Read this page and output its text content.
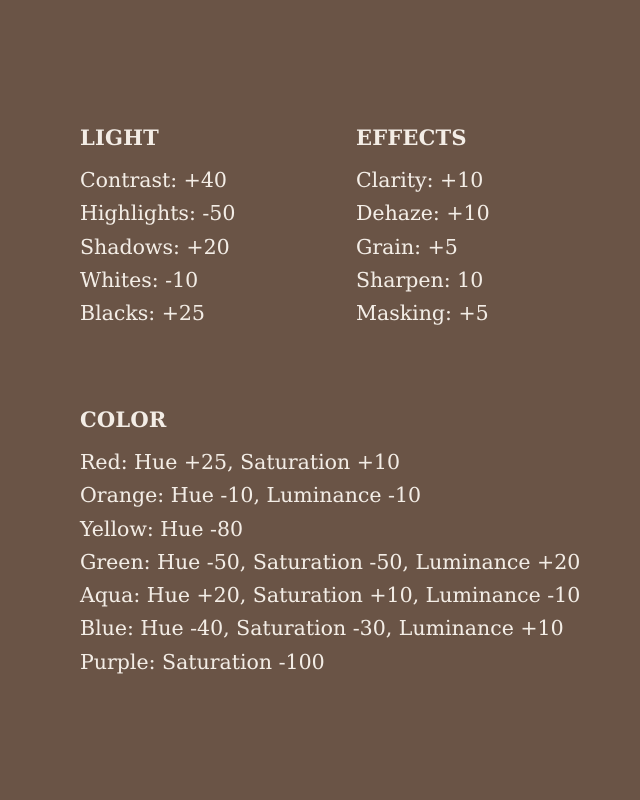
LIGHT
Contrast: +40
Highlights: -50
Shadows: +20
Whites: -10
Blacks: +25
EFFECTS
Clarity: +10
Dehaze: +10
Grain: +5
Sharpen: 10
Masking: +5
COLOR
Red: Hue +25, Saturation +10
Orange: Hue -10, Luminance -10
Yellow: Hue -80
Green: Hue -50, Saturation -50, Luminance +20
Aqua: Hue +20, Saturation +10, Luminance -10
Blue: Hue -40, Saturation -30, Luminance +10
Purple: Saturation -100
